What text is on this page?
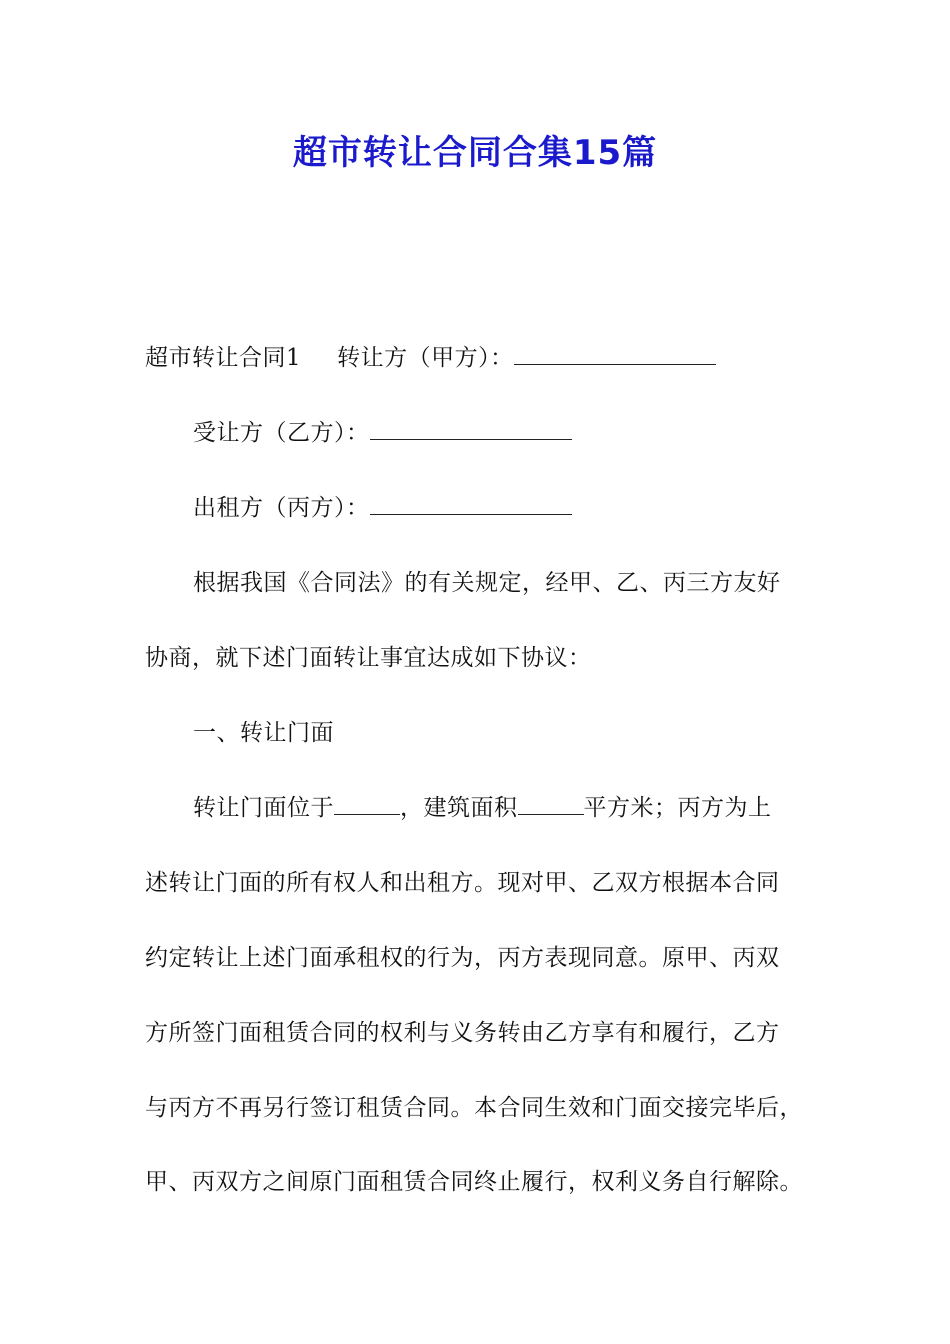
超市转让合同合集15篇
超市转让合同1 转让方（甲方）：
受让方（乙方）：
出租方（丙方）：
根据我国《合同法》的有关规定，经甲、乙、丙三方友好
协商，就下述门面转让事宜达成如下协议：
一、转让门面
转让门面位于	，建筑面积	平方米；丙方为上
述转让门面的所有权人和出租方。现对甲、乙双方根据本合同
约定转让上述门面承租权的行为，丙方表现同意。原甲、丙双
方所签门面租赁合同的权利与义务转由乙方享有和履行，乙方
与丙方不再另行签订租赁合同。本合同生效和门面交接完毕后，
甲、丙双方之间原门面租赁合同终止履行，权利义务自行解除。
